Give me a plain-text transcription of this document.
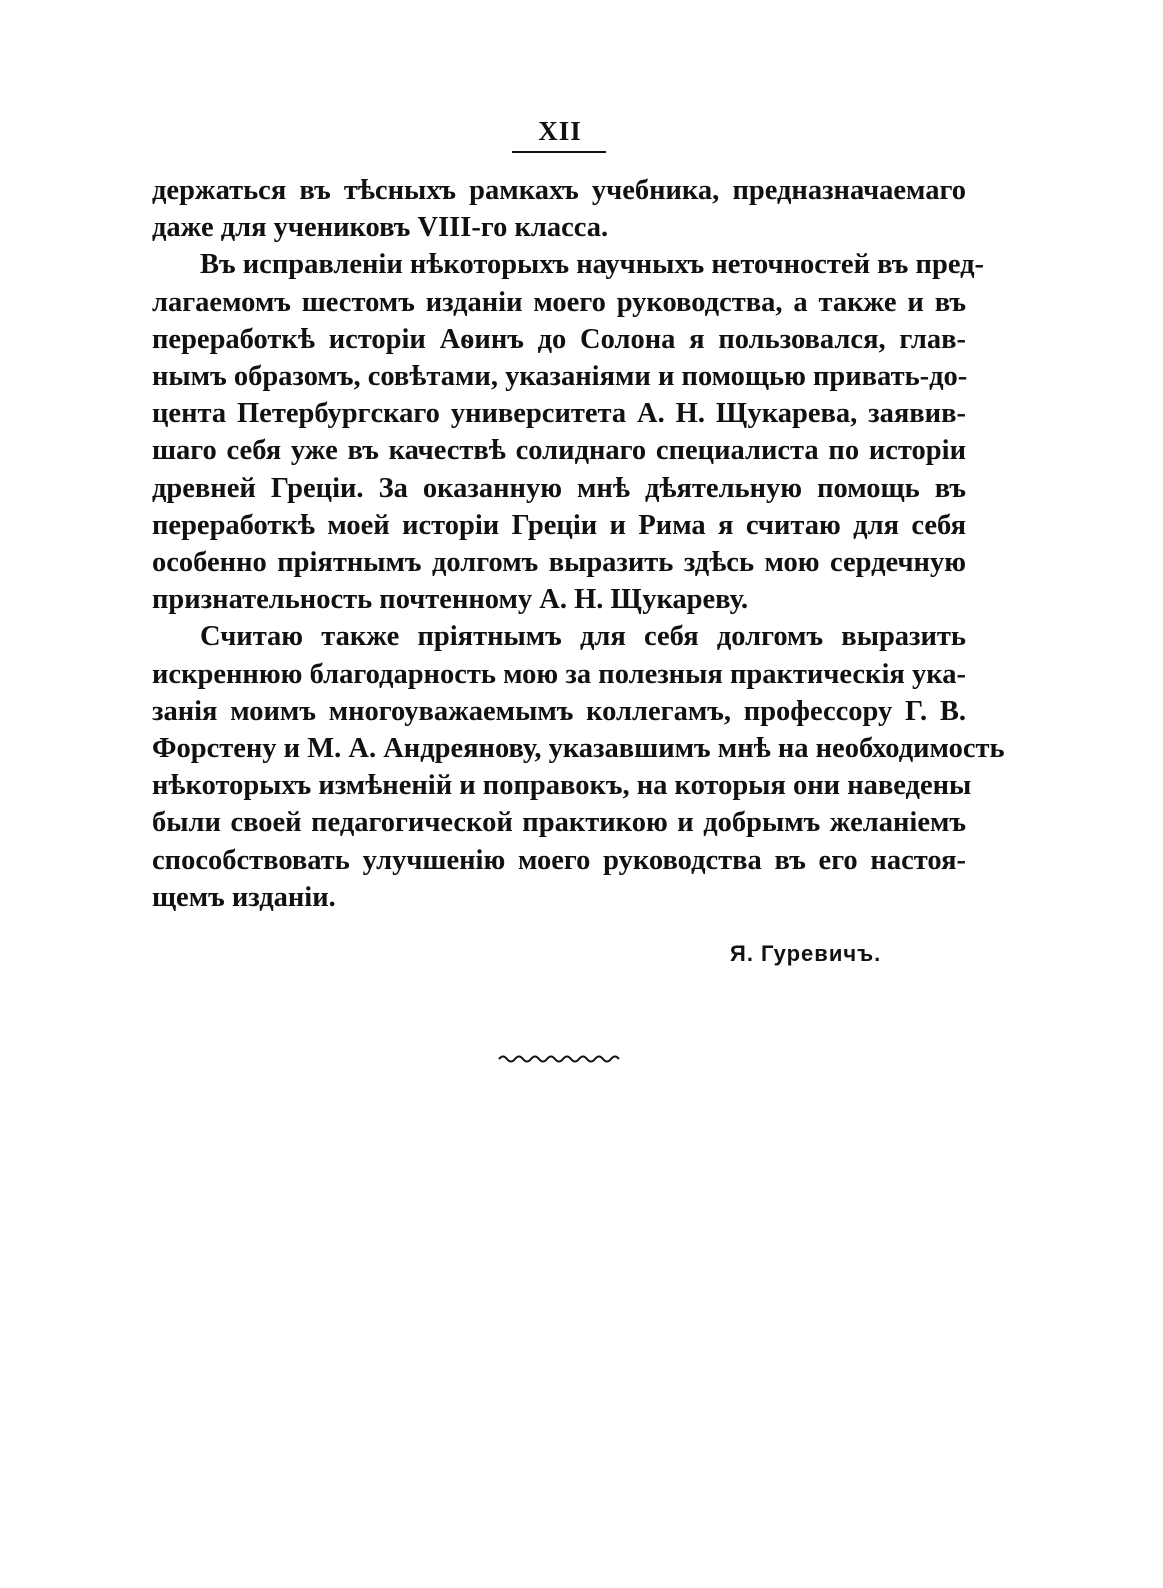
XII
держаться въ тѣсныхъ рамкахъ учебника, предназначаемаго
даже для учениковъ VIII-го класса.
Въ исправленіи нѣкоторыхъ научныхъ неточностей въ пред-
лагаемомъ шестомъ изданіи моего руководства, а также и въ
переработкѣ исторіи Аѳинъ до Солона я пользовался, глав-
нымъ образомъ, совѣтами, указаніями и помощью привать-до-
цента Петербургскаго университета А. Н. Щукарева, заявив-
шаго себя уже въ качествѣ солиднаго специалиста по исторіи
древней Греціи. За оказанную мнѣ дѣятельную помощь въ
переработкѣ моей исторіи Греціи и Рима я считаю для себя
особенно пріятнымъ долгомъ выразить здѣсь мою сердечную
признательность почтенному А. Н. Щукареву.
Считаю также пріятнымъ для себя долгомъ выразить
искреннюю благодарность мою за полезныя практическія ука-
занія моимъ многоуважаемымъ коллегамъ, профессору Г. В.
Форстену и М. А. Андреянову, указавшимъ мнѣ на необходимость
нѣкоторыхъ измѣненій и поправокъ, на которыя они наведены
были своей педагогической практикою и добрымъ желаніемъ
способствовать улучшенію моего руководства въ его настоя-
щемъ изданіи.
Я. Гуревичъ.
